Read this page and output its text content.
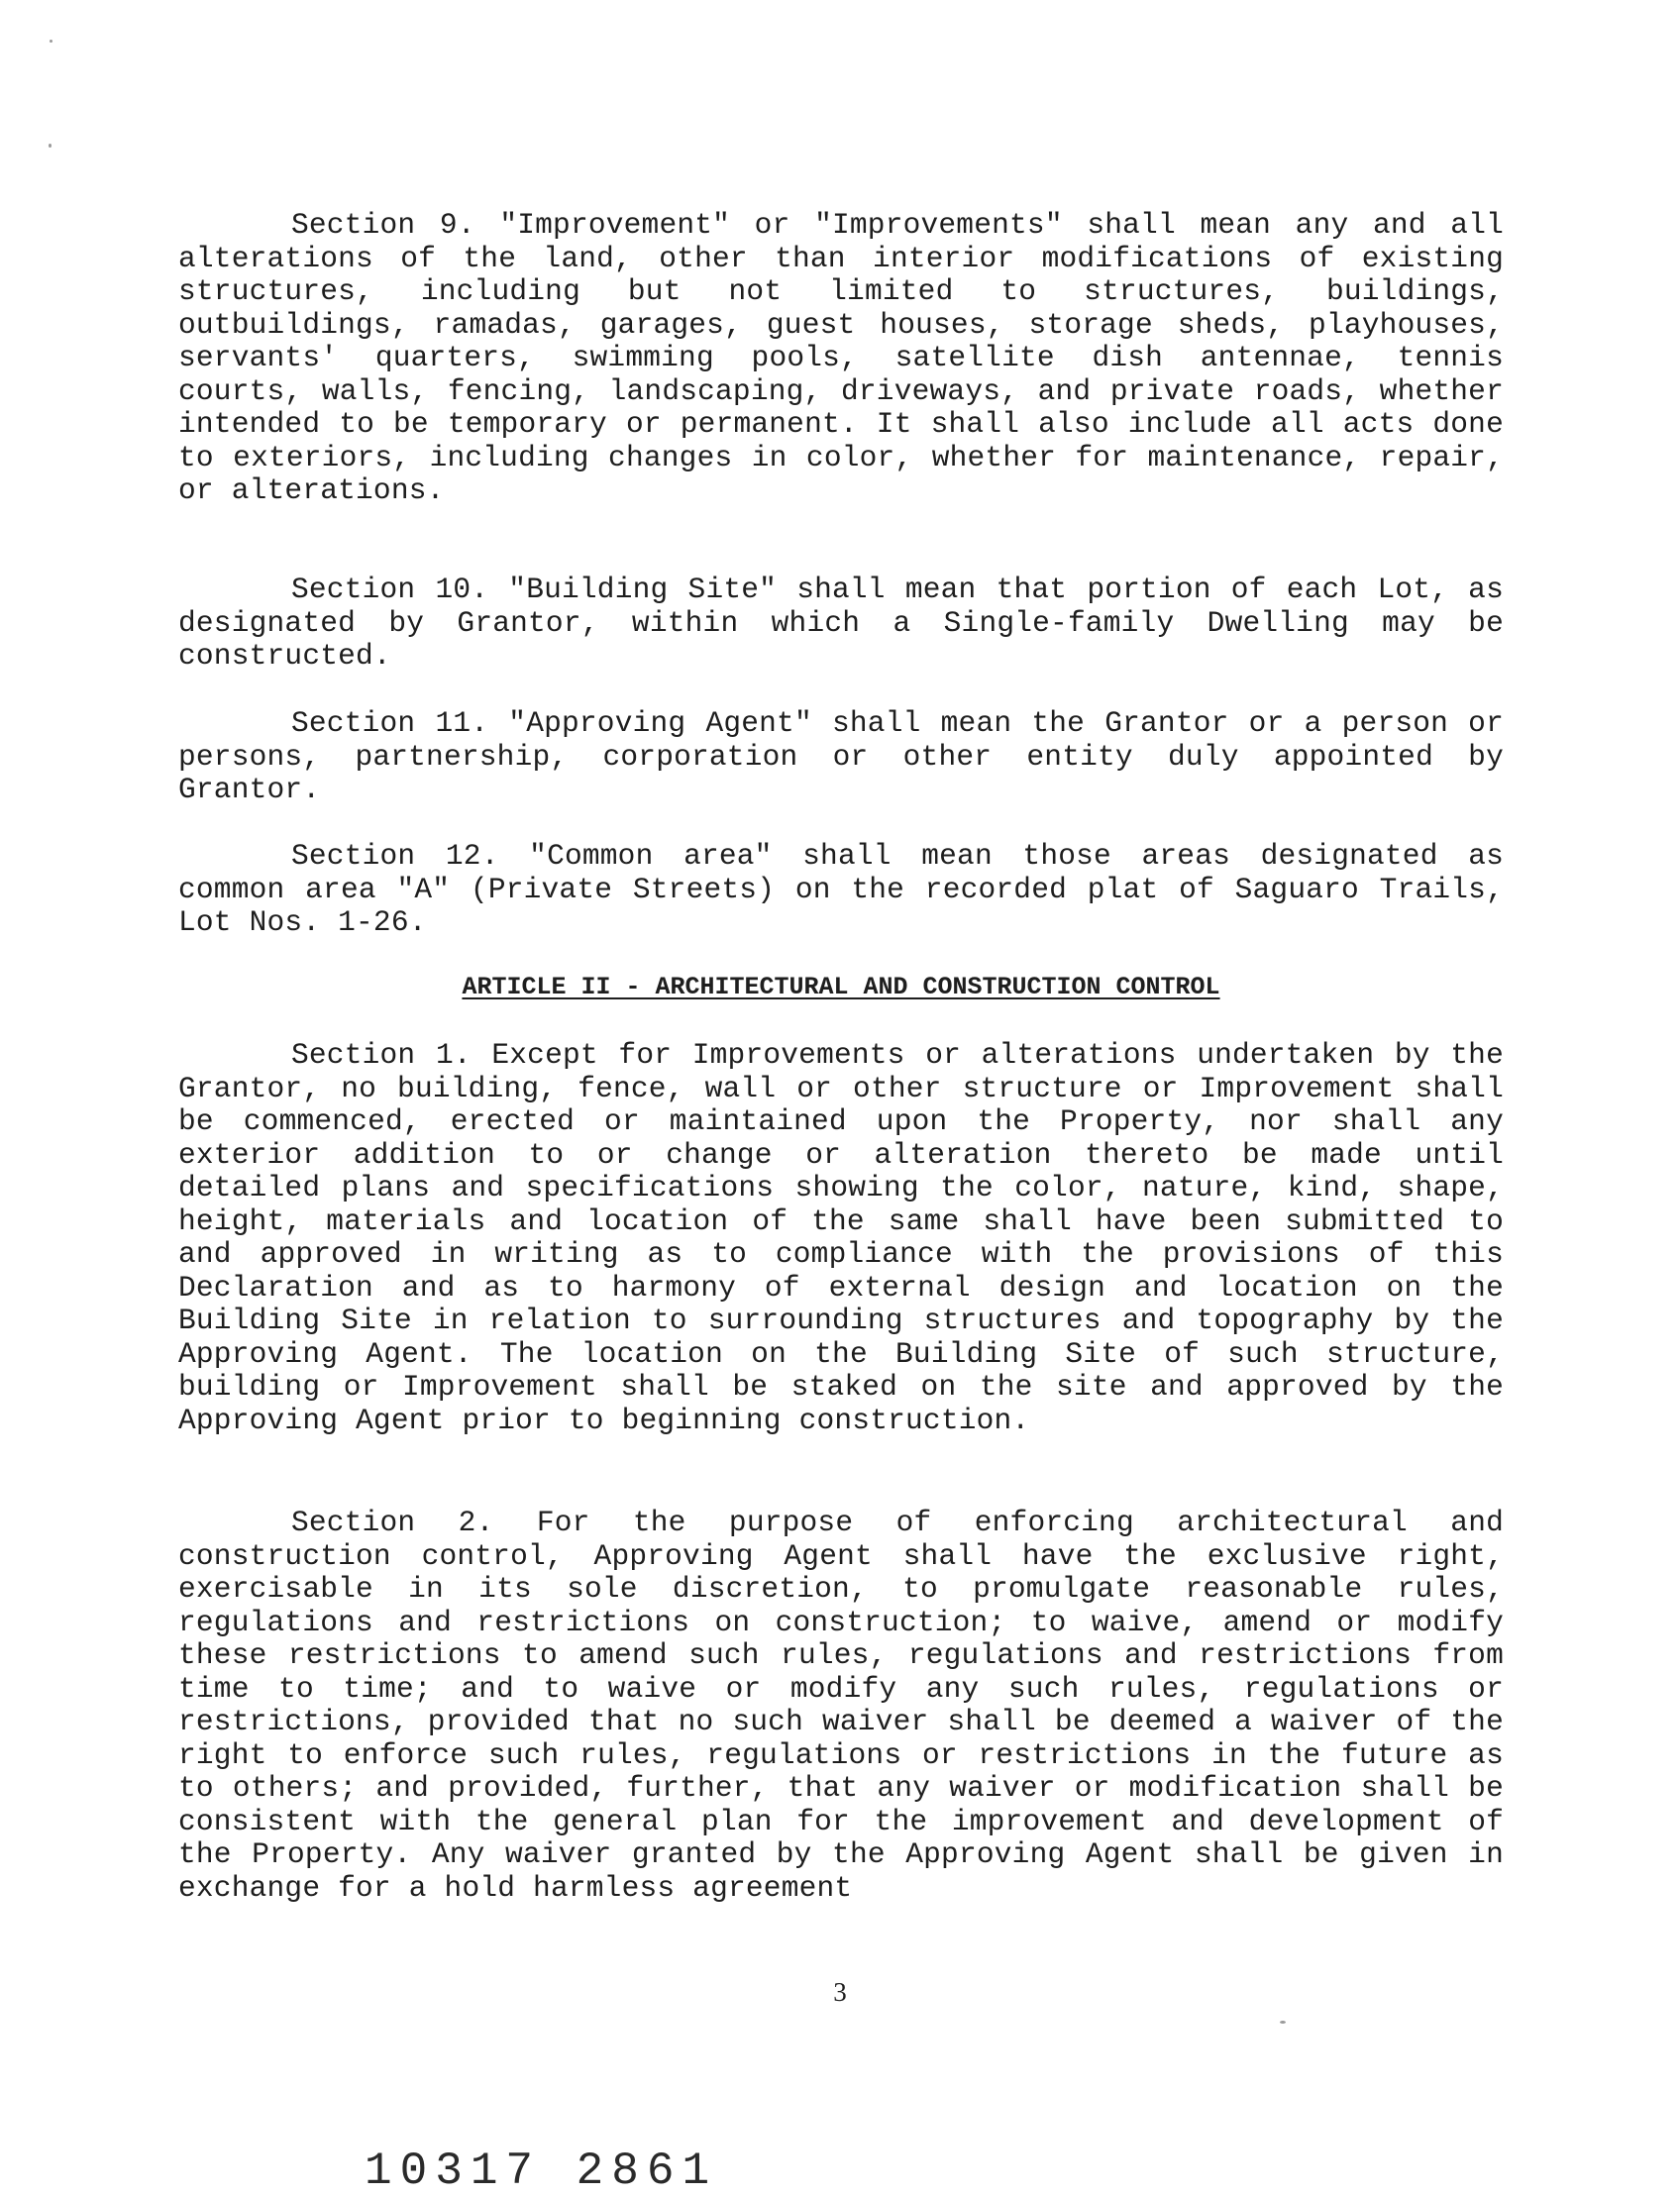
Section 9. "Improvement" or "Improvements" shall mean any and all alterations of the land, other than interior modifications of existing structures, including but not limited to structures, buildings, outbuildings, ramadas, garages, guest houses, storage sheds, playhouses, servants' quarters, swimming pools, satellite dish antennae, tennis courts, walls, fencing, landscaping, driveways, and private roads, whether intended to be temporary or permanent. It shall also include all acts done to exteriors, including changes in color, whether for maintenance, repair, or alterations.

Section 10. "Building Site" shall mean that portion of each Lot, as designated by Grantor, within which a Single-family Dwelling may be constructed.

Section 11. "Approving Agent" shall mean the Grantor or a person or persons, partnership, corporation or other entity duly appointed by Grantor.

Section 12. "Common area" shall mean those areas designated as common area "A" (Private Streets) on the recorded plat of Saguaro Trails, Lot Nos. 1-26.

ARTICLE II - ARCHITECTURAL AND CONSTRUCTION CONTROL

Section 1. Except for Improvements or alterations undertaken by the Grantor, no building, fence, wall or other structure or Improvement shall be commenced, erected or maintained upon the Property, nor shall any exterior addition to or change or alteration thereto be made until detailed plans and specifications showing the color, nature, kind, shape, height, materials and location of the same shall have been submitted to and approved in writing as to compliance with the provisions of this Declaration and as to harmony of external design and location on the Building Site in relation to surrounding structures and topography by the Approving Agent. The location on the Building Site of such structure, building or Improvement shall be staked on the site and approved by the Approving Agent prior to beginning construction.

Section 2. For the purpose of enforcing architectural and construction control, Approving Agent shall have the exclusive right, exercisable in its sole discretion, to promulgate reasonable rules, regulations and restrictions on construction; to waive, amend or modify these restrictions to amend such rules, regulations and restrictions from time to time; and to waive or modify any such rules, regulations or restrictions, provided that no such waiver shall be deemed a waiver of the right to enforce such rules, regulations or restrictions in the future as to others; and provided, further, that any waiver or modification shall be consistent with the general plan for the improvement and development of the Property. Any waiver granted by the Approving Agent shall be given in exchange for a hold harmless agreement

3

10317 2861
